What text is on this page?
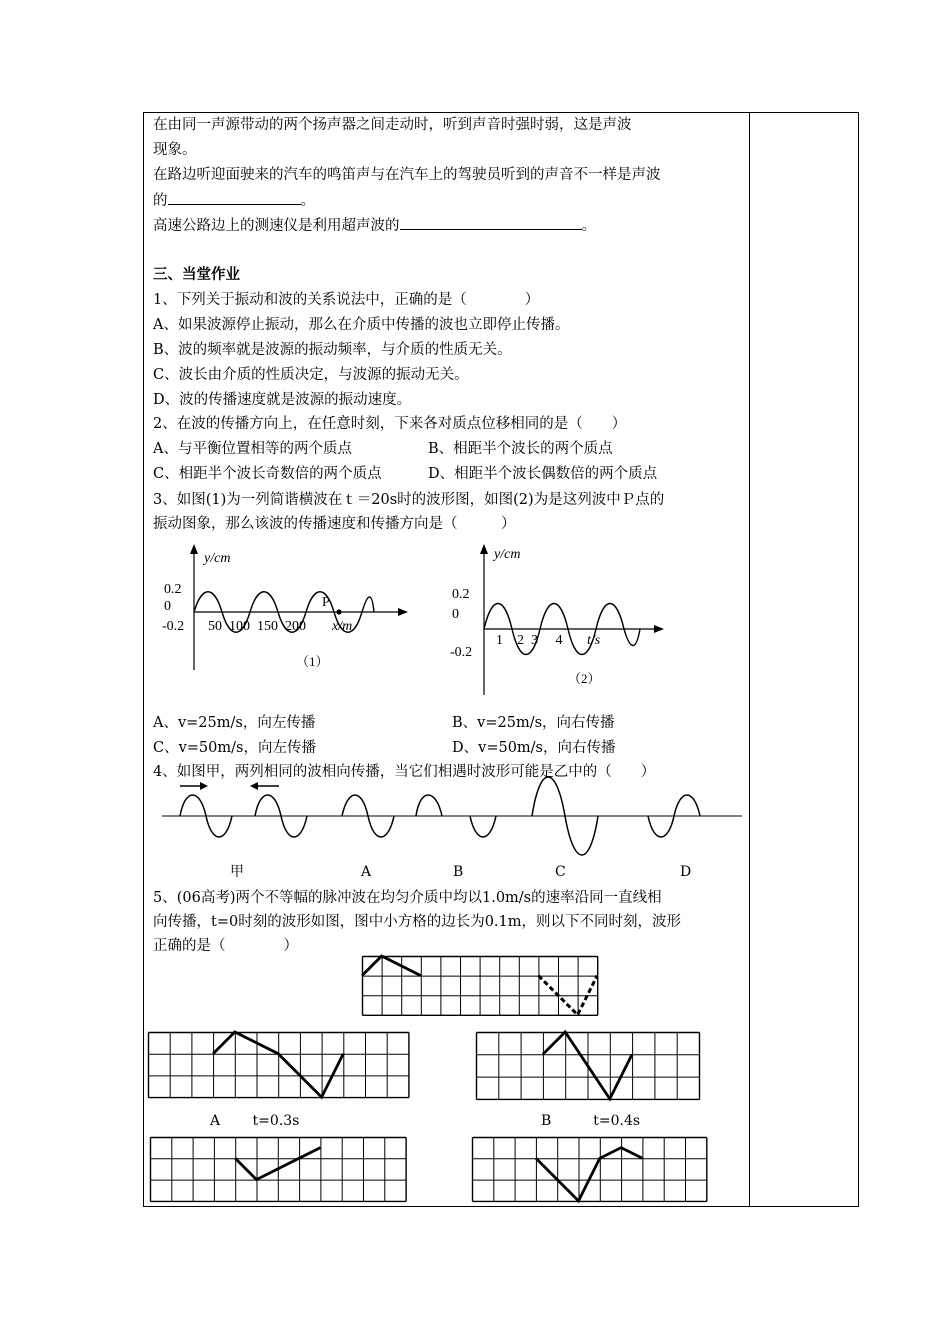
在由同一声源带动的两个扬声器之间走动时，听到声音时强时弱，这是声波
现象。
在路边听迎面驶来的汽车的鸣笛声与在汽车上的驾驶员听到的声音不一样是声波
的	。
高速公路边上的测速仪是利用超声波的	。
三、当堂作业
1、下列关于振动和波的关系说法中，正确的是（　　　　）
A、如果波源停止振动，那么在介质中传播的波也立即停止传播。
B、波的频率就是波源的振动频率，与介质的性质无关。
C、波长由介质的性质决定，与波源的振动无关。
D、波的传播速度就是波源的振动速度。
2、在波的传播方向上，在任意时刻，下来各对质点位移相同的是（　　）
A、与平衡位置相等的两个质点	B、相距半个波长的两个质点
C、相距半个波长奇数倍的两个质点	D、相距半个波长偶数倍的两个质点
3、如图(1)为一列简谐横波在ｔ＝20s时的波形图，如图(2)为是这列波中Ｐ点的
振动图象，那么该波的传播速度和传播方向是（　　　）
y/cm
0.2
0
-0.2
P
50  100  150  200 x/m
（1）
y/cm
0.2
0
-0.2
1    2  3     4 t/s
（2）
A、v=25m/s，向左传播	B、v=25m/s，向右传播
C、v=50m/s，向左传播	D、v=50m/s，向右传播
4、如图甲，两列相同的波相向传播，当它们相遇时波形可能是乙中的（　　）
甲	A	B	C	D
5、(06高考)两个不等幅的脉冲波在均匀介质中均以1.0m/s的速率沿同一直线相
向传播，t=0时刻的波形如图，图中小方格的边长为0.1m，则以下不同时刻，波形
正确的是（　　　　）
A　　 t=0.3s	B　　　t=0.4s
